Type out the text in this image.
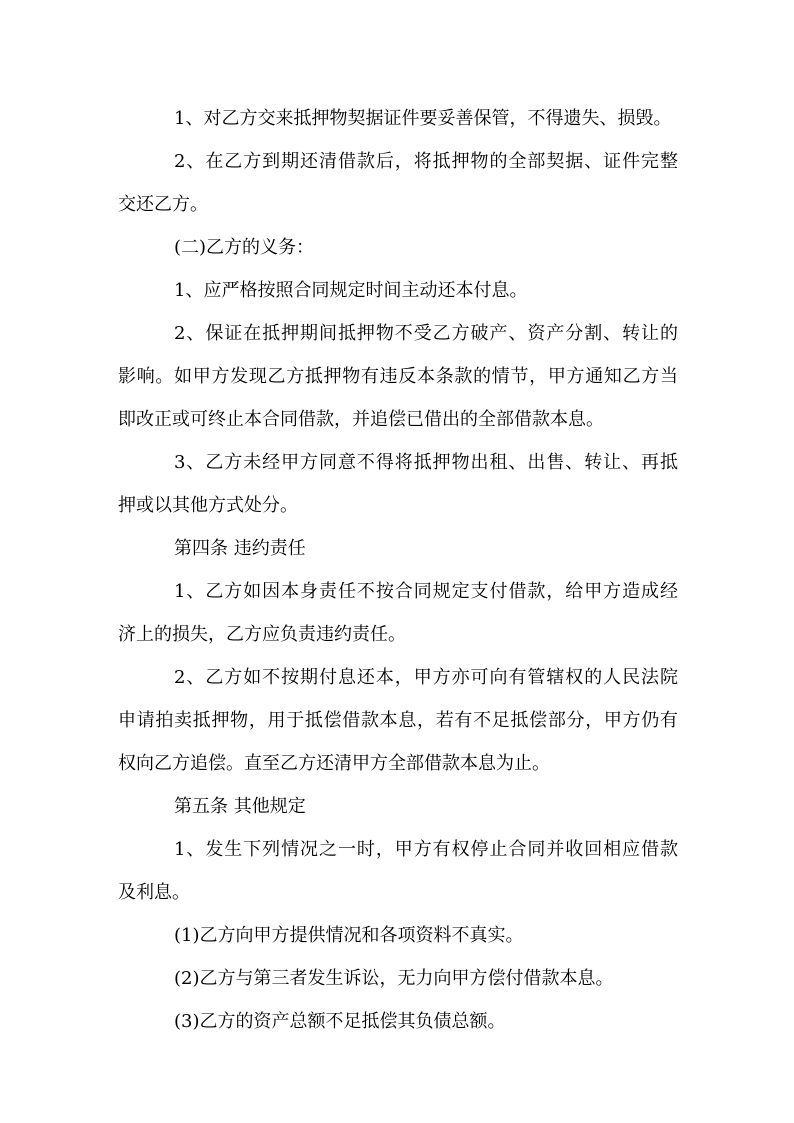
1、对乙方交来抵押物契据证件要妥善保管，不得遗失、损毁。
2、在乙方到期还清借款后，将抵押物的全部契据、证件完整
交还乙方。
(二)乙方的义务：
1、应严格按照合同规定时间主动还本付息。
2、保证在抵押期间抵押物不受乙方破产、资产分割、转让的
影响。如甲方发现乙方抵押物有违反本条款的情节，甲方通知乙方当
即改正或可终止本合同借款，并追偿已借出的全部借款本息。
3、乙方未经甲方同意不得将抵押物出租、出售、转让、再抵
押或以其他方式处分。
第四条 违约责任
1、乙方如因本身责任不按合同规定支付借款，给甲方造成经
济上的损失，乙方应负责违约责任。
2、乙方如不按期付息还本，甲方亦可向有管辖权的人民法院
申请拍卖抵押物，用于抵偿借款本息，若有不足抵偿部分，甲方仍有
权向乙方追偿。直至乙方还清甲方全部借款本息为止。
第五条 其他规定
1、发生下列情况之一时，甲方有权停止合同并收回相应借款
及利息。
(1)乙方向甲方提供情况和各项资料不真实。
(2)乙方与第三者发生诉讼，无力向甲方偿付借款本息。
(3)乙方的资产总额不足抵偿其负债总额。
